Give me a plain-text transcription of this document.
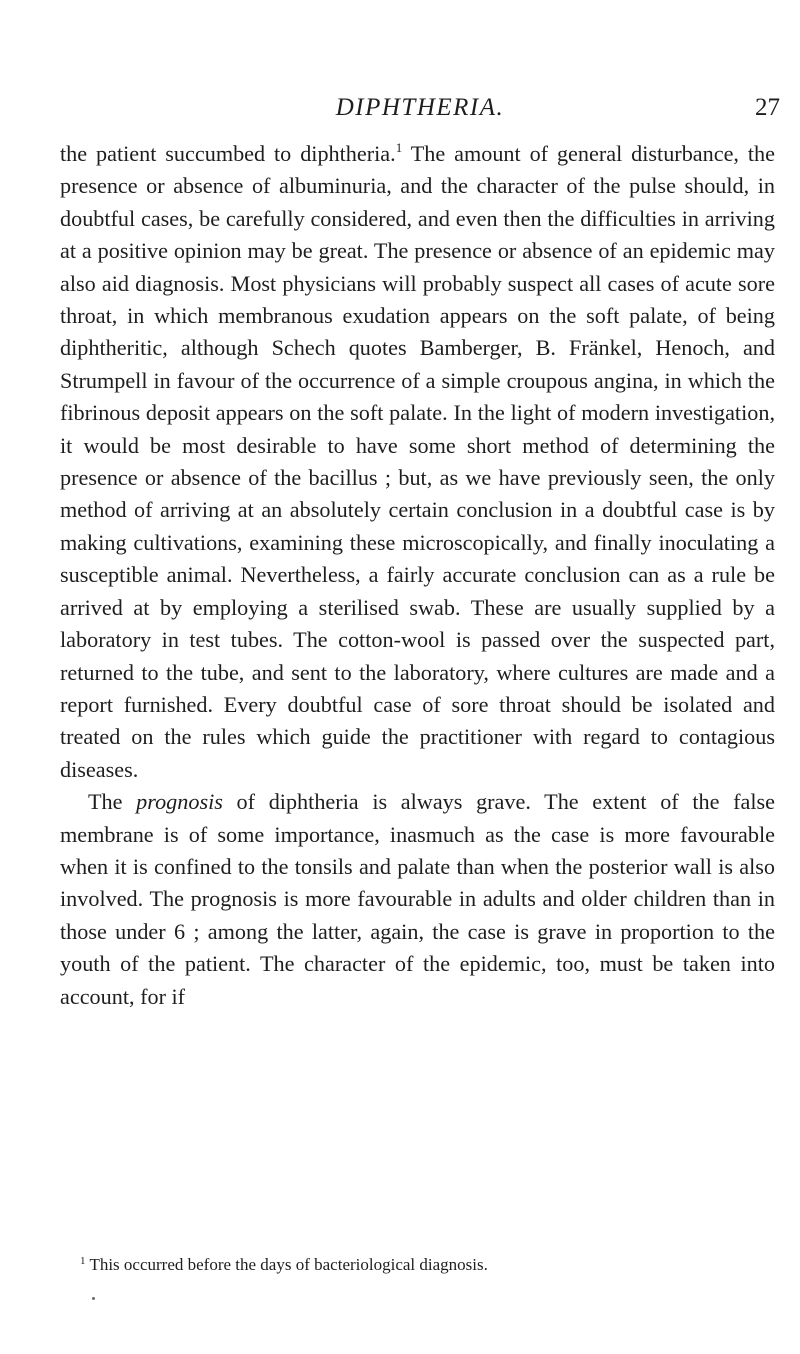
DIPHTHERIA.	27

the patient succumbed to diphtheria.$^1$ The amount of general disturbance, the presence or absence of albuminuria, and the character of the pulse should, in doubtful cases, be carefully considered, and even then the difficulties in arriving at a positive opinion may be great. The presence or absence of an epidemic may also aid diagnosis. Most physicians will probably suspect all cases of acute sore throat, in which membranous exudation appears on the soft palate, of being diphtheritic, although Schech quotes Bamberger, B. Fränkel, Henoch, and Strumpell in favour of the occurrence of a simple croupous angina, in which the fibrinous deposit appears on the soft palate. In the light of modern investigation, it would be most desirable to have some short method of determining the presence or absence of the bacillus ; but, as we have previously seen, the only method of arriving at an absolutely certain conclusion in a doubtful case is by making cultivations, examining these microscopically, and finally inoculating a susceptible animal. Nevertheless, a fairly accurate conclusion can as a rule be arrived at by employing a sterilised swab. These are usually supplied by a laboratory in test tubes. The cotton-wool is passed over the suspected part, returned to the tube, and sent to the laboratory, where cultures are made and a report furnished. Every doubtful case of sore throat should be isolated and treated on the rules which guide the practitioner with regard to contagious diseases.

The prognosis of diphtheria is always grave. The extent of the false membrane is of some importance, inasmuch as the case is more favourable when it is confined to the tonsils and palate than when the posterior wall is also involved. The prognosis is more favourable in adults and older children than in those under 6 ; among the latter, again, the case is grave in proportion to the youth of the patient. The character of the epidemic, too, must be taken into account, for if

$^1$ This occurred before the days of bacteriological diagnosis.
